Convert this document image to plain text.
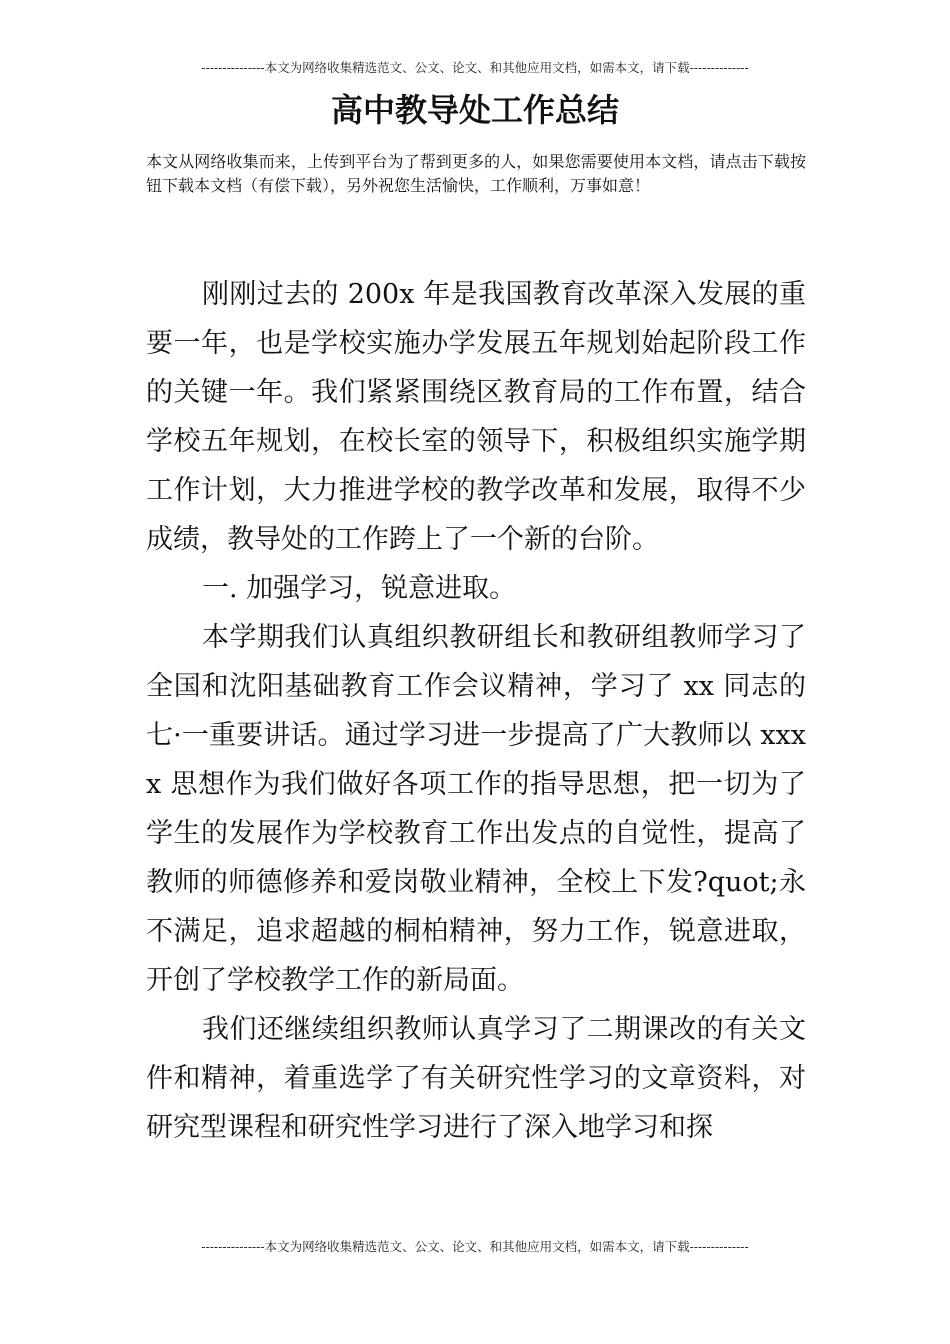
---------------本文为网络收集精选范文、公文、论文、和其他应用文档，如需本文，请下载--------------
高中教导处工作总结

本文从网络收集而来，上传到平台为了帮到更多的人，如果您需要使用本文档，请点击下载按钮下载本文档（有偿下载），另外祝您生活愉快，工作顺利，万事如意！

刚刚过去的 200x 年是我国教育改革深入发展的重要一年，也是学校实施办学发展五年规划始起阶段工作的关键一年。我们紧紧围绕区教育局的工作布置，结合学校五年规划，在校长室的领导下，积极组织实施学期工作计划，大力推进学校的教学改革和发展，取得不少成绩，教导处的工作跨上了一个新的台阶。

一. 加强学习，锐意进取。

本学期我们认真组织教研组长和教研组教师学习了全国和沈阳基础教育工作会议精神，学习了 xx 同志的七·一重要讲话。通过学习进一步提高了广大教师以 xxxx 思想作为我们做好各项工作的指导思想，把一切为了学生的发展作为学校教育工作出发点的自觉性，提高了教师的师德修养和爱岗敬业精神，全校上下发?quot;永不满足，追求超越的桐柏精神，努力工作，锐意进取，开创了学校教学工作的新局面。

我们还继续组织教师认真学习了二期课改的有关文件和精神，着重选学了有关研究性学习的文章资料，对研究型课程和研究性学习进行了深入地学习和探

---------------本文为网络收集精选范文、公文、论文、和其他应用文档，如需本文，请下载--------------
